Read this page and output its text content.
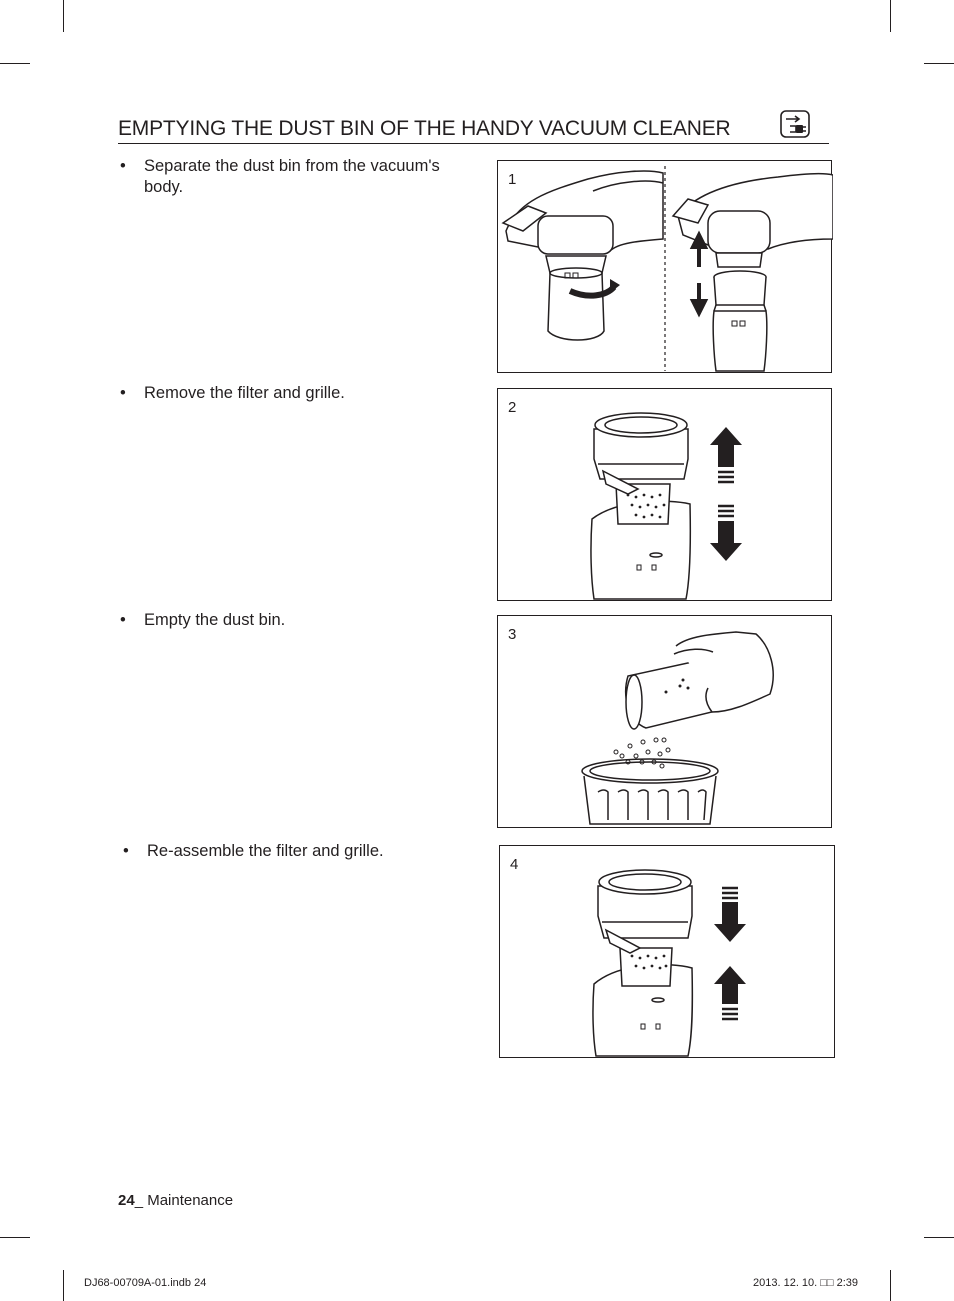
EMPTYING THE DUST BIN OF THE HANDY VACUUM CLEANER
• Separate the dust bin from the vacuum's body.	1
• Remove the filter and grille.
2
• Empty the dust bin.
3
• Re-assemble the filter and grille.
4
24_ Maintenance
DJ68-00709A-01.indb 24	2013. 12. 10. □□ 2:39
